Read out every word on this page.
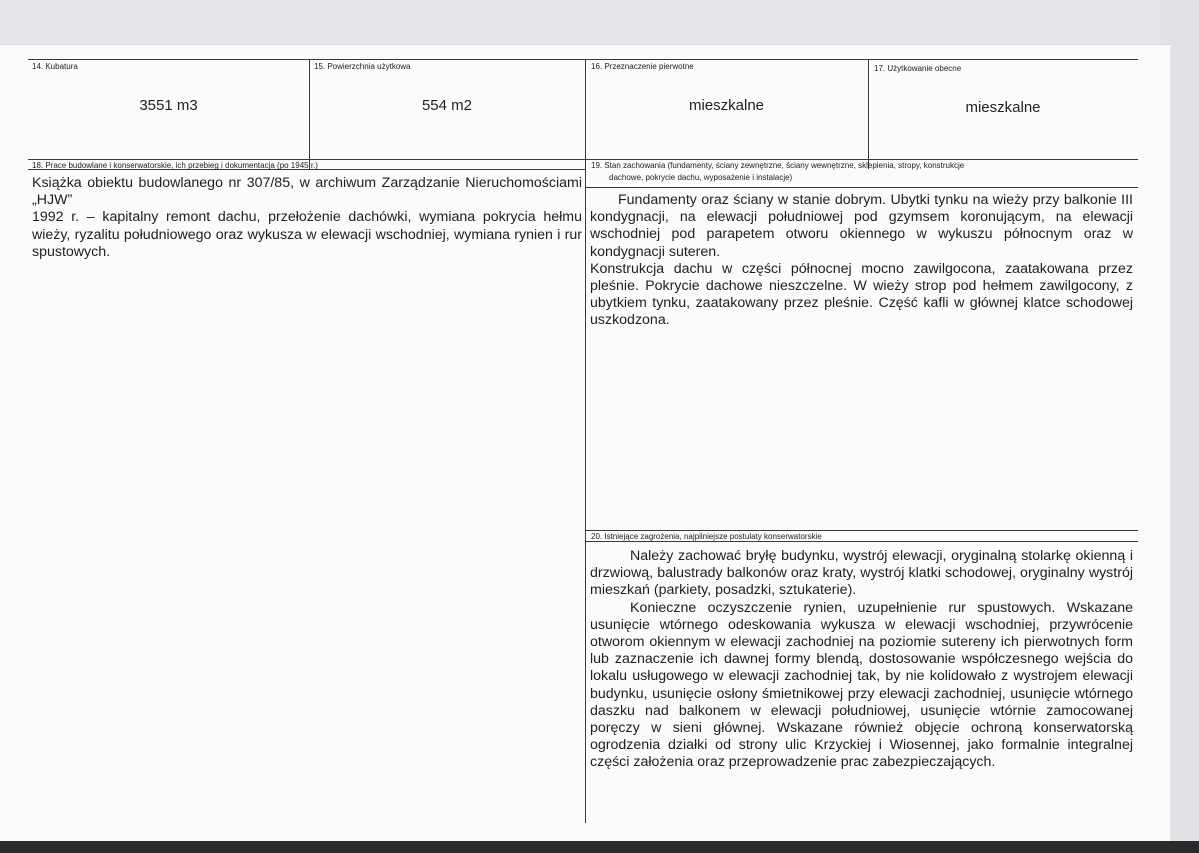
14. Kubatura
3551 m3
15. Powierzchnia użytkowa
554 m2
16. Przeznaczenie pierwotne
mieszkalne
17. Użytkowanie obecne
mieszkalne
18. Prace budowlane i konserwatorskie, ich przebieg i dokumentacja (po 1945 r.)

Książka obiektu budowlanego nr 307/85, w archiwum Zarządzanie Nieruchomościami „HJW”

1992 r. – kapitalny remont dachu, przełożenie dachówki, wymiana pokrycia hełmu wieży, ryzalitu południowego oraz wykusza w elewacji wschodniej, wymiana rynien i rur spustowych.

19. Stan zachowania (fundamenty, ściany zewnętrzne, ściany wewnętrzne, sklepienia, stropy, konstrukcje
dachowe, pokrycie dachu, wyposażenie i instalacje)

Fundamenty oraz ściany w stanie dobrym. Ubytki tynku na wieży przy balkonie III kondygnacji, na elewacji południowej pod gzymsem koronującym, na elewacji wschodniej pod parapetem otworu okiennego w wykuszu północnym oraz w kondygnacji suteren.

Konstrukcja dachu w części północnej mocno zawilgocona, zaatakowana przez pleśnie. Pokrycie dachowe nieszczelne. W wieży strop pod hełmem zawilgocony, z ubytkiem tynku, zaatakowany przez pleśnie. Część kafli w głównej klatce schodowej uszkodzona.

20. Istniejące zagrożenia, najpilniejsze postulaty konserwatorskie

Należy zachować bryłę budynku, wystrój elewacji, oryginalną stolarkę okienną i drzwiową, balustrady balkonów oraz kraty, wystrój klatki schodowej, oryginalny wystrój mieszkań (parkiety, posadzki, sztukaterie).

Konieczne oczyszczenie rynien, uzupełnienie rur spustowych. Wskazane usunięcie wtórnego odeskowania wykusza w elewacji wschodniej, przywrócenie otworom okiennym w elewacji zachodniej na poziomie sutereny ich pierwotnych form lub zaznaczenie ich dawnej formy blendą, dostosowanie współczesnego wejścia do lokalu usługowego w elewacji zachodniej tak, by nie kolidowało z wystrojem elewacji budynku, usunięcie osłony śmietnikowej przy elewacji zachodniej, usunięcie wtórnego daszku nad balkonem w elewacji południowej, usunięcie wtórnie zamocowanej poręczy w sieni głównej. Wskazane również objęcie ochroną konserwatorską ogrodzenia działki od strony ulic Krzyckiej i Wiosennej, jako formalnie integralnej części założenia oraz przeprowadzenie prac zabezpieczających.
